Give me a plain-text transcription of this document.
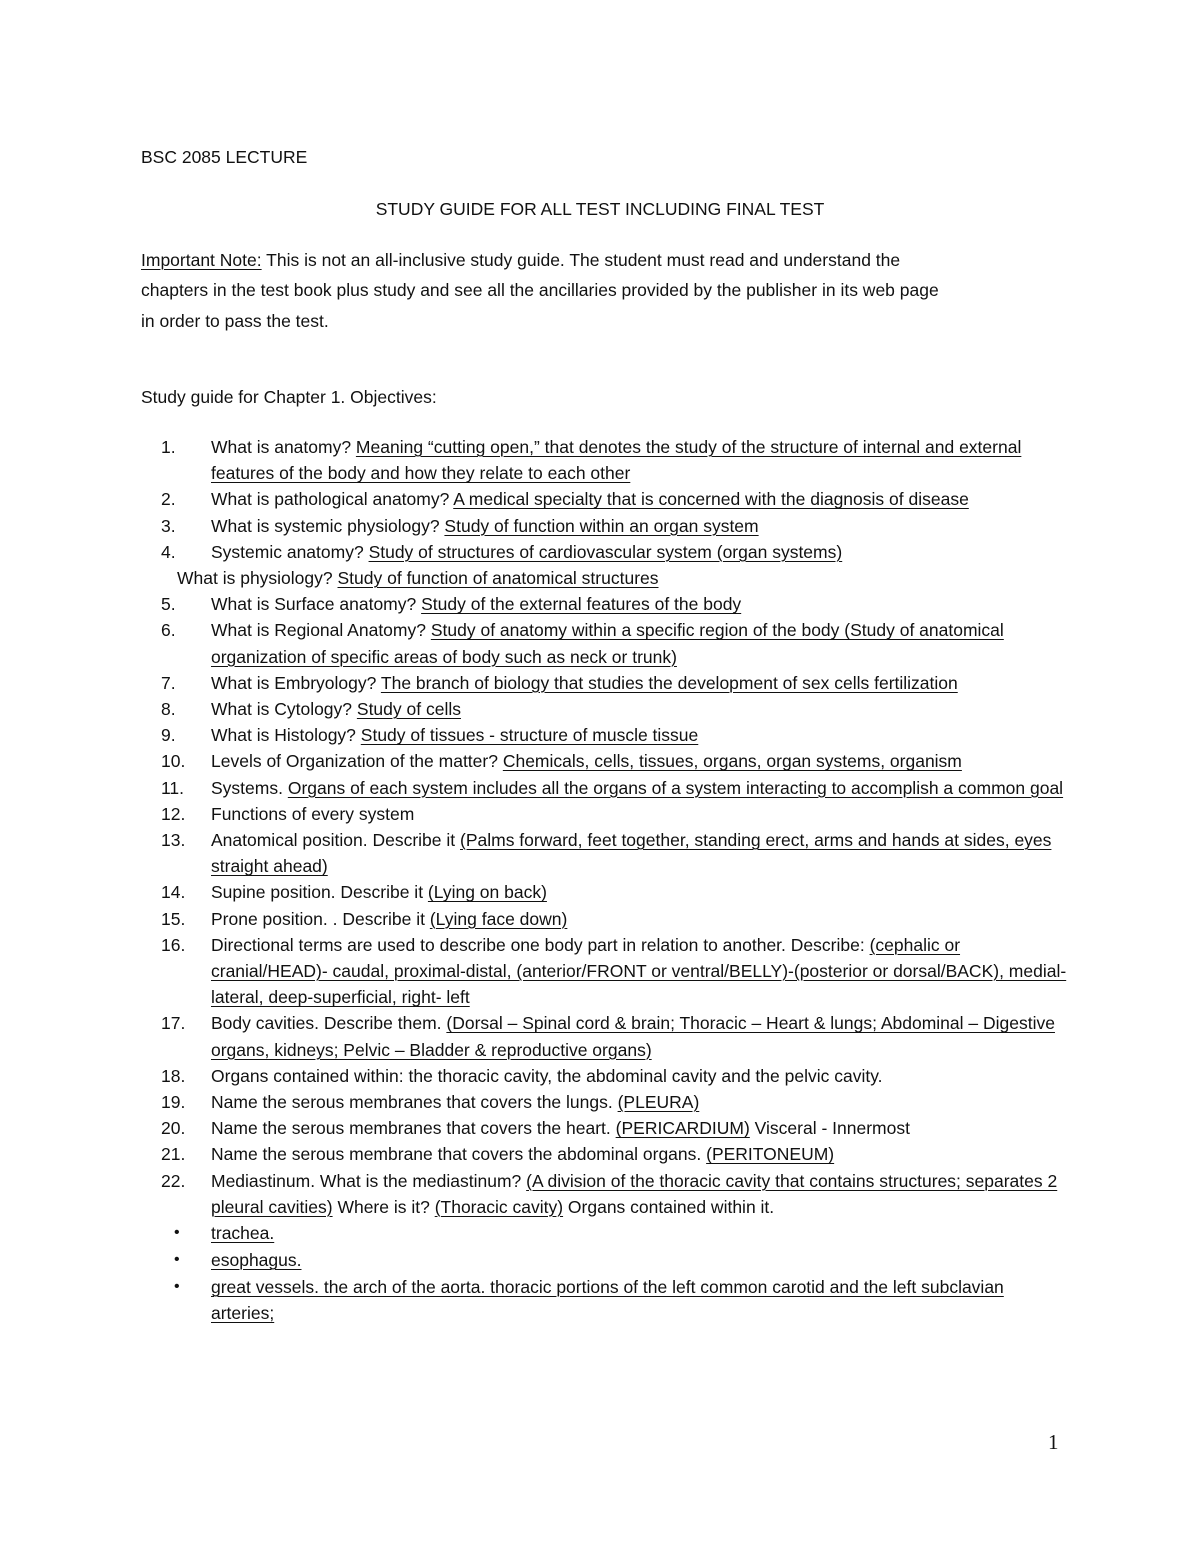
BSC 2085 LECTURE
STUDY GUIDE FOR ALL TEST INCLUDING FINAL TEST
Important Note: This is not an all-inclusive study guide. The student must read and understand the
chapters in the test book plus study and see all the ancillaries provided by the publisher in its web page
in order to pass the test.
Study guide for Chapter 1. Objectives:
1.	What is anatomy? Meaning “cutting open,” that denotes the study of the structure of internal and external features of the body and how they relate to each other
2.	What is pathological anatomy? A medical specialty that is concerned with the diagnosis of disease
3.	What is systemic physiology? Study of function within an organ system
4.	Systemic anatomy? Study of structures of cardiovascular system (organ systems)
What is physiology? Study of function of anatomical structures
5.	What is Surface anatomy? Study of the external features of the body
6.	What is Regional Anatomy? Study of anatomy within a specific region of the body (Study of anatomical organization of specific areas of body such as neck or trunk)
7.	What is Embryology? The branch of biology that studies the development of sex cells fertilization
8.	What is Cytology? Study of cells
9.	What is Histology? Study of tissues - structure of muscle tissue
10.	Levels of Organization of the matter? Chemicals, cells, tissues, organs, organ systems, organism
11.	Systems. Organs of each system includes all the organs of a system interacting to accomplish a common goal
12.	Functions of every system
13.	Anatomical position. Describe it (Palms forward, feet together, standing erect, arms and hands at sides, eyes straight ahead)
14.	Supine position. Describe it (Lying on back)
15.	Prone position. . Describe it (Lying face down)
16.	Directional terms are used to describe one body part in relation to another. Describe: (cephalic or cranial/HEAD)- caudal, proximal-distal, (anterior/FRONT or ventral/BELLY)-(posterior or dorsal/BACK), medial-lateral, deep-superficial, right- left
17.	Body cavities. Describe them. (Dorsal – Spinal cord & brain; Thoracic – Heart & lungs; Abdominal – Digestive organs, kidneys; Pelvic – Bladder & reproductive organs)
18.	Organs contained within: the thoracic cavity, the abdominal cavity and the pelvic cavity.
19.	Name the serous membranes that covers the lungs. (PLEURA)
20.	Name the serous membranes that covers the heart. (PERICARDIUM) Visceral - Innermost
21.	Name the serous membrane that covers the abdominal organs. (PERITONEUM)
22.	Mediastinum. What is the mediastinum? (A division of the thoracic cavity that contains structures; separates 2 pleural cavities) Where is it? (Thoracic cavity) Organs contained within it.
• trachea.
• esophagus.
• great vessels. the arch of the aorta. thoracic portions of the left common carotid and the left subclavian arteries;
1
